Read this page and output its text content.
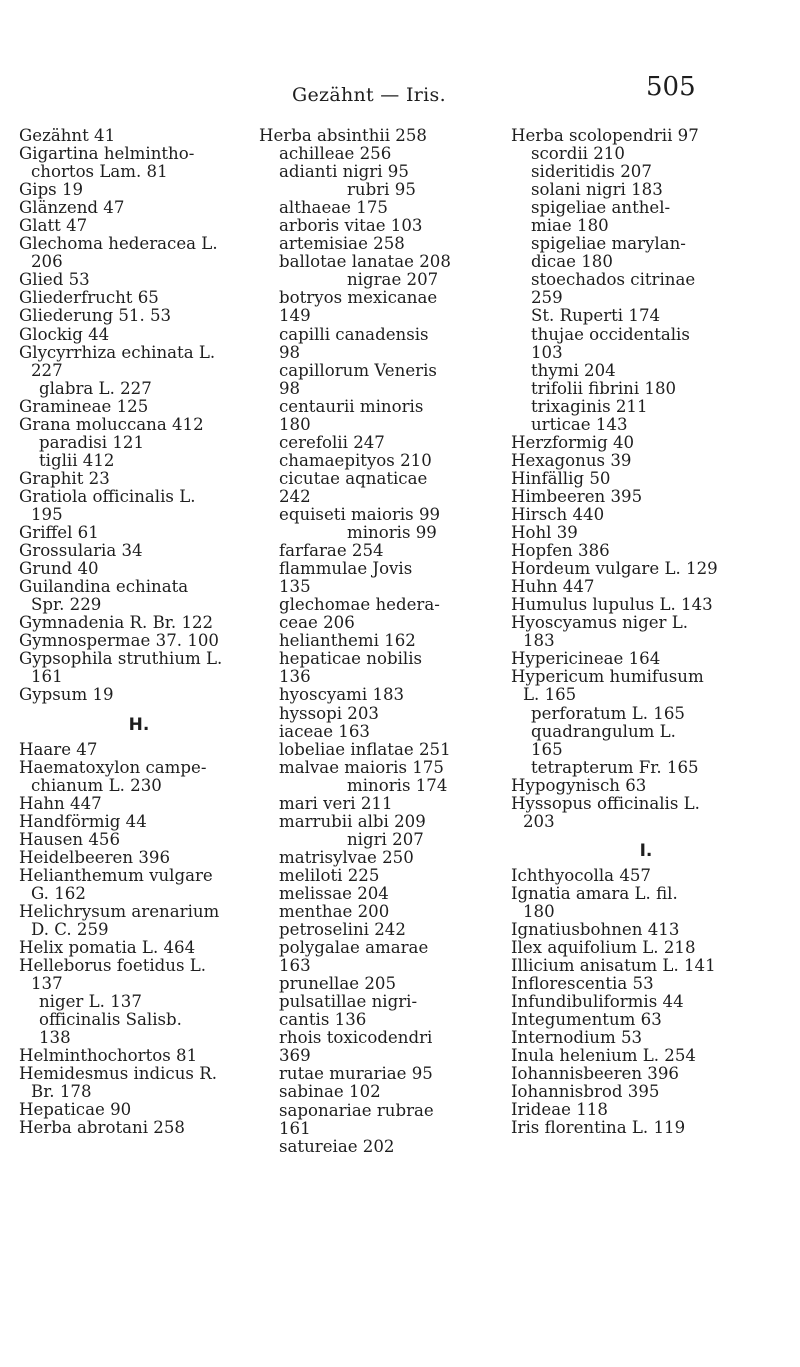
Gezähnt — Iris.	505
Gezähnt 41
Gigartina helmintho-
chortos Lam. 81
Gips 19
Glänzend 47
Glatt 47
Glechoma hederacea L.
206
Glied 53
Gliederfrucht 65
Gliederung 51. 53
Glockig 44
Glycyrrhiza echinata L.
227
glabra L. 227
Gramineae 125
Grana moluccana 412
paradisi 121
tiglii 412
Graphit 23
Gratiola officinalis L.
195
Griffel 61
Grossularia 34
Grund 40
Guilandina echinata
Spr. 229
Gymnadenia R. Br. 122
Gymnospermae 37. 100
Gypsophila struthium L.
161
Gypsum 19
H.
Haare 47
Haematoxylon campe-
chianum L. 230
Hahn 447
Handförmig 44
Hausen 456
Heidelbeeren 396
Helianthemum vulgare
G. 162
Helichrysum arenarium
D. C. 259
Helix pomatia L. 464
Helleborus foetidus L.
137
niger L. 137
officinalis Salisb.
138
Helminthochortos 81
Hemidesmus indicus R.
Br. 178
Hepaticae 90
Herba abrotani 258
Herba absinthii 258
achilleae 256
adianti nigri 95
rubri 95
althaeae 175
arboris vitae 103
artemisiae 258
ballotae lanatae 208
nigrae 207
botryos mexicanae
149
capilli canadensis
98
capillorum Veneris
98
centaurii minoris
180
cerefolii 247
chamaepityos 210
cicutae aqnaticae
242
equiseti maioris 99
minoris 99
farfarae 254
flammulae Jovis
135
glechomae hedera-
ceae 206
helianthemi 162
hepaticae nobilis
136
hyoscyami 183
hyssopi 203
iaceae 163
lobeliae inflatae 251
malvae maioris 175
minoris 174
mari veri 211
marrubii albi 209
nigri 207
matrisylvae 250
meliloti 225
melissae 204
menthae 200
petroselini 242
polygalae amarae
163
prunellae 205
pulsatillae nigri-
cantis 136
rhois toxicodendri
369
rutae murariae 95
sabinae 102
saponariae rubrae
161
satureiae 202
Herba scolopendrii 97
scordii 210
sideritidis 207
solani nigri 183
spigeliae anthel-
miae 180
spigeliae marylan-
dicae 180
stoechados citrinae
259
St. Ruperti 174
thujae occidentalis
103
thymi 204
trifolii fibrini 180
trixaginis 211
urticae 143
Herzformig 40
Hexagonus 39
Hinfällig 50
Himbeeren 395
Hirsch 440
Hohl 39
Hopfen 386
Hordeum vulgare L. 129
Huhn 447
Humulus lupulus L. 143
Hyoscyamus niger L.
183
Hypericineae 164
Hypericum humifusum
L. 165
perforatum L. 165
quadrangulum L.
165
tetrapterum Fr. 165
Hypogynisch 63
Hyssopus officinalis L.
203
I.
Ichthyocolla 457
Ignatia amara L. fil.
180
Ignatiusbohnen 413
Ilex aquifolium L. 218
Illicium anisatum L. 141
Inflorescentia 53
Infundibuliformis 44
Integumentum 63
Internodium 53
Inula helenium L. 254
Iohannisbeeren 396
Iohannisbrod 395
Irideae 118
Iris florentina L. 119
